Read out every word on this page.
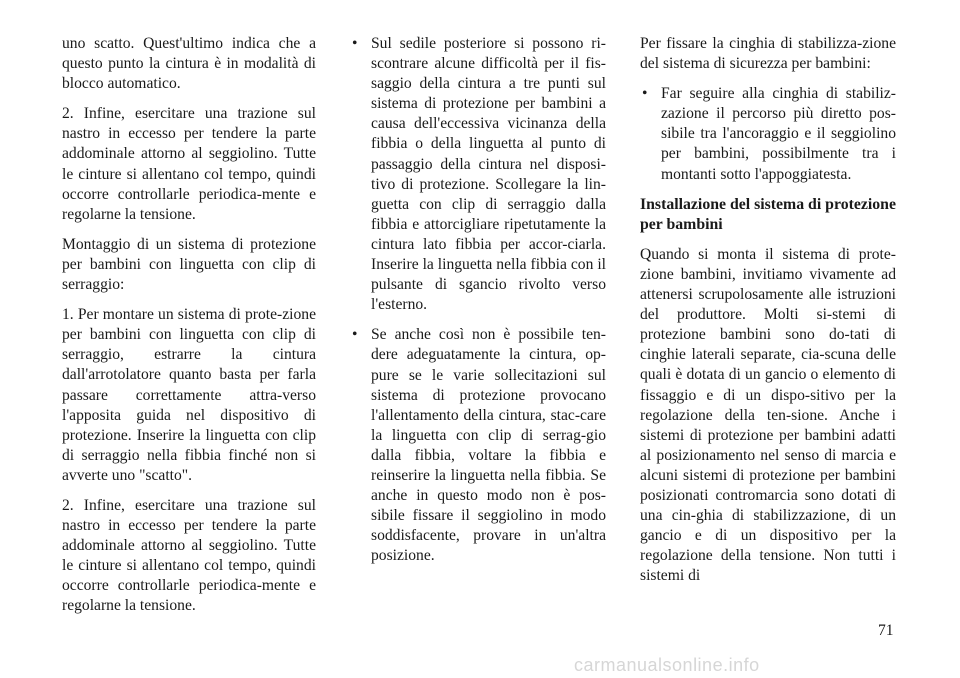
uno scatto. Quest'ultimo indica che a questo punto la cintura è in modalità di blocco automatico.

2. Infine, esercitare una trazione sul nastro in eccesso per tendere la parte addominale attorno al seggiolino. Tutte le cinture si allentano col tempo, quindi occorre controllarle periodica-mente e regolarne la tensione.

Montaggio di un sistema di protezione per bambini con linguetta con clip di serraggio:

1. Per montare un sistema di prote-zione per bambini con linguetta con clip di serraggio, estrarre la cintura dall'arrotolatore quanto basta per farla passare correttamente attra-verso l'apposita guida nel dispositivo di protezione. Inserire la linguetta con clip di serraggio nella fibbia finché non si avverte uno "scatto".

2. Infine, esercitare una trazione sul nastro in eccesso per tendere la parte addominale attorno al seggiolino. Tutte le cinture si allentano col tempo, quindi occorre controllarle periodica-mente e regolarne la tensione.

• Sul sedile posteriore si possono ri-scontrare alcune difficoltà per il fis-saggio della cintura a tre punti sul sistema di protezione per bambini a causa dell'eccessiva vicinanza della fibbia o della linguetta al punto di passaggio della cintura nel disposi-tivo di protezione. Scollegare la lin-guetta con clip di serraggio dalla fibbia e attorcigliare ripetutamente la cintura lato fibbia per accor-ciarla. Inserire la linguetta nella fibbia con il pulsante di sgancio rivolto verso l'esterno.
• Se anche così non è possibile ten-dere adeguatamente la cintura, op-pure se le varie sollecitazioni sul sistema di protezione provocano l'allentamento della cintura, stac-care la linguetta con clip di serrag-gio dalla fibbia, voltare la fibbia e reinserire la linguetta nella fibbia. Se anche in questo modo non è pos-sibile fissare il seggiolino in modo soddisfacente, provare in un'altra posizione.

Per fissare la cinghia di stabilizza-zione del sistema di sicurezza per bambini:

• Far seguire alla cinghia di stabiliz-zazione il percorso più diretto pos-sibile tra l'ancoraggio e il seggiolino per bambini, possibilmente tra i montanti sotto l'appoggiatesta.
Installazione del sistema di protezione per bambini

Quando si monta il sistema di prote-zione bambini, invitiamo vivamente ad attenersi scrupolosamente alle istruzioni del produttore. Molti si-stemi di protezione bambini sono do-tati di cinghie laterali separate, cia-scuna delle quali è dotata di un gancio o elemento di fissaggio e di un dispo-sitivo per la regolazione della ten-sione. Anche i sistemi di protezione per bambini adatti al posizionamento nel senso di marcia e alcuni sistemi di protezione per bambini posizionati contromarcia sono dotati di una cin-ghia di stabilizzazione, di un gancio e di un dispositivo per la regolazione della tensione. Non tutti i sistemi di

71
carmanualsonline.info
